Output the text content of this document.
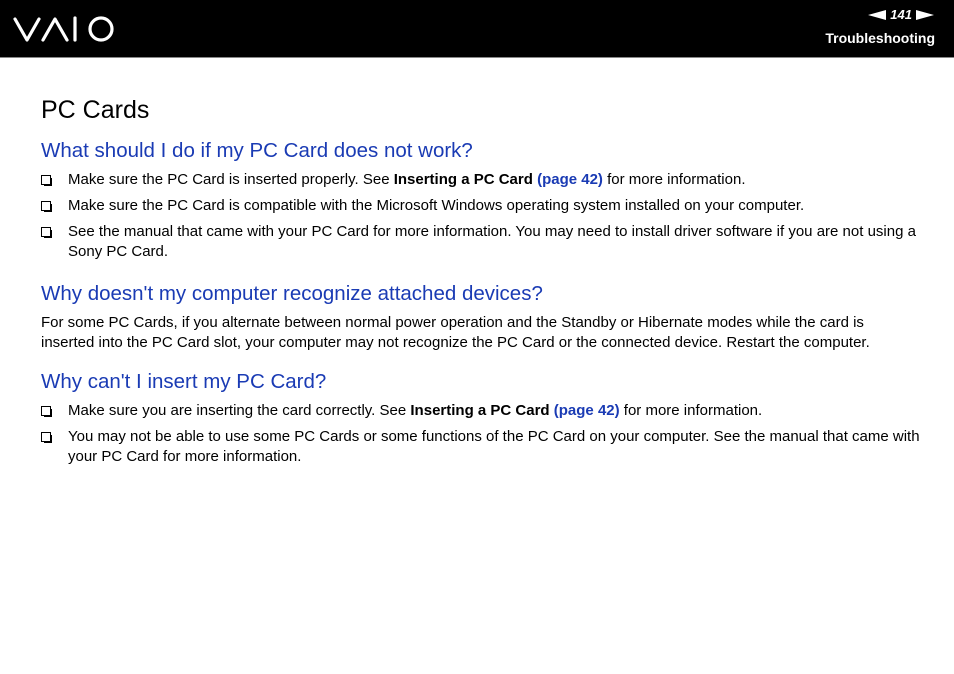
141
Troubleshooting
PC Cards
What should I do if my PC Card does not work?
Make sure the PC Card is inserted properly. See Inserting a PC Card (page 42) for more information.
Make sure the PC Card is compatible with the Microsoft Windows operating system installed on your computer.
See the manual that came with your PC Card for more information. You may need to install driver software if you are not using a Sony PC Card.
Why doesn't my computer recognize attached devices?

For some PC Cards, if you alternate between normal power operation and the Standby or Hibernate modes while the card is inserted into the PC Card slot, your computer may not recognize the PC Card or the connected device. Restart the computer.

Why can't I insert my PC Card?
Make sure you are inserting the card correctly. See Inserting a PC Card (page 42) for more information.
You may not be able to use some PC Cards or some functions of the PC Card on your computer. See the manual that came with your PC Card for more information.
